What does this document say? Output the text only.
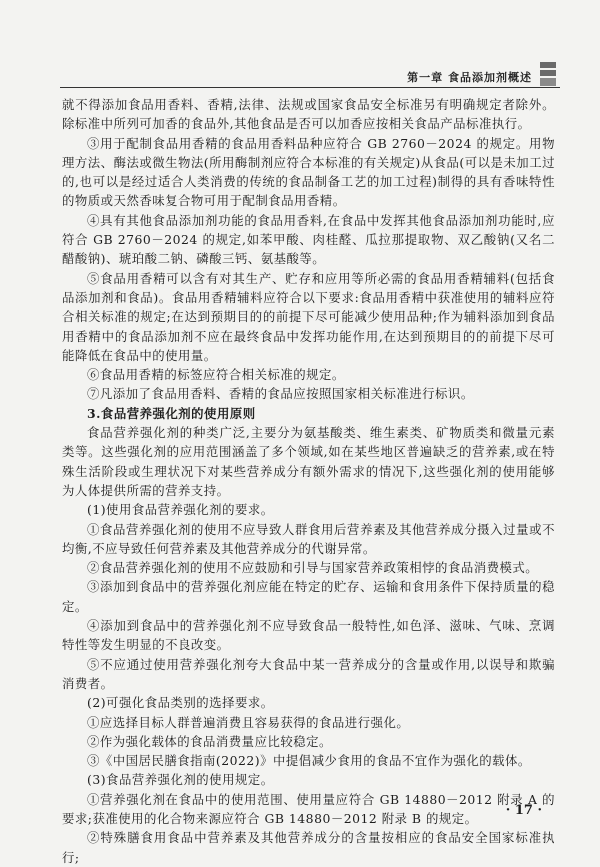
第一章 食品添加剂概述

就不得添加食品用香料、香精,法律、法规或国家食品安全标准另有明确规定者除外。除标准中所列可加香的食品外,其他食品是否可以加香应按相关食品产品标准执行。

③用于配制食品用香精的食品用香料品种应符合 GB 2760－2024 的规定。用物理方法、酶法或微生物法(所用酶制剂应符合本标准的有关规定)从食品(可以是未加工过的,也可以是经过适合人类消费的传统的食品制备工艺的加工过程)制得的具有香味特性的物质或天然香味复合物可用于配制食品用香精。

④具有其他食品添加剂功能的食品用香料,在食品中发挥其他食品添加剂功能时,应符合 GB 2760－2024 的规定,如苯甲酸、肉桂醛、瓜拉那提取物、双乙酸钠(又名二醋酸钠)、琥珀酸二钠、磷酸三钙、氨基酸等。

⑤食品用香精可以含有对其生产、贮存和应用等所必需的食品用香精辅料(包括食品添加剂和食品)。食品用香精辅料应符合以下要求:食品用香精中获准使用的辅料应符合相关标准的规定;在达到预期目的的前提下尽可能减少使用品种;作为辅料添加到食品用香精中的食品添加剂不应在最终食品中发挥功能作用,在达到预期目的的前提下尽可能降低在食品中的使用量。

⑥食品用香精的标签应符合相关标准的规定。

⑦凡添加了食品用香料、香精的食品应按照国家相关标准进行标识。

3.食品营养强化剂的使用原则

食品营养强化剂的种类广泛,主要分为氨基酸类、维生素类、矿物质类和微量元素类等。这些强化剂的应用范围涵盖了多个领域,如在某些地区普遍缺乏的营养素,或在特殊生活阶段或生理状况下对某些营养成分有额外需求的情况下,这些强化剂的使用能够为人体提供所需的营养支持。

(1)使用食品营养强化剂的要求。

①食品营养强化剂的使用不应导致人群食用后营养素及其他营养成分摄入过量或不均衡,不应导致任何营养素及其他营养成分的代谢异常。

②食品营养强化剂的使用不应鼓励和引导与国家营养政策相悖的食品消费模式。

③添加到食品中的营养强化剂应能在特定的贮存、运输和食用条件下保持质量的稳定。

④添加到食品中的营养强化剂不应导致食品一般特性,如色泽、滋味、气味、烹调特性等发生明显的不良改变。

⑤不应通过使用营养强化剂夸大食品中某一营养成分的含量或作用,以误导和欺骗消费者。

(2)可强化食品类别的选择要求。

①应选择目标人群普遍消费且容易获得的食品进行强化。

②作为强化载体的食品消费量应比较稳定。

③《中国居民膳食指南(2022)》中提倡减少食用的食品不宜作为强化的载体。

(3)食品营养强化剂的使用规定。

①营养强化剂在食品中的使用范围、使用量应符合 GB 14880－2012 附录 A 的要求;获准使用的化合物来源应符合 GB 14880－2012 附录 B 的规定。

②特殊膳食用食品中营养素及其他营养成分的含量按相应的食品安全国家标准执行;

· 17 ·
